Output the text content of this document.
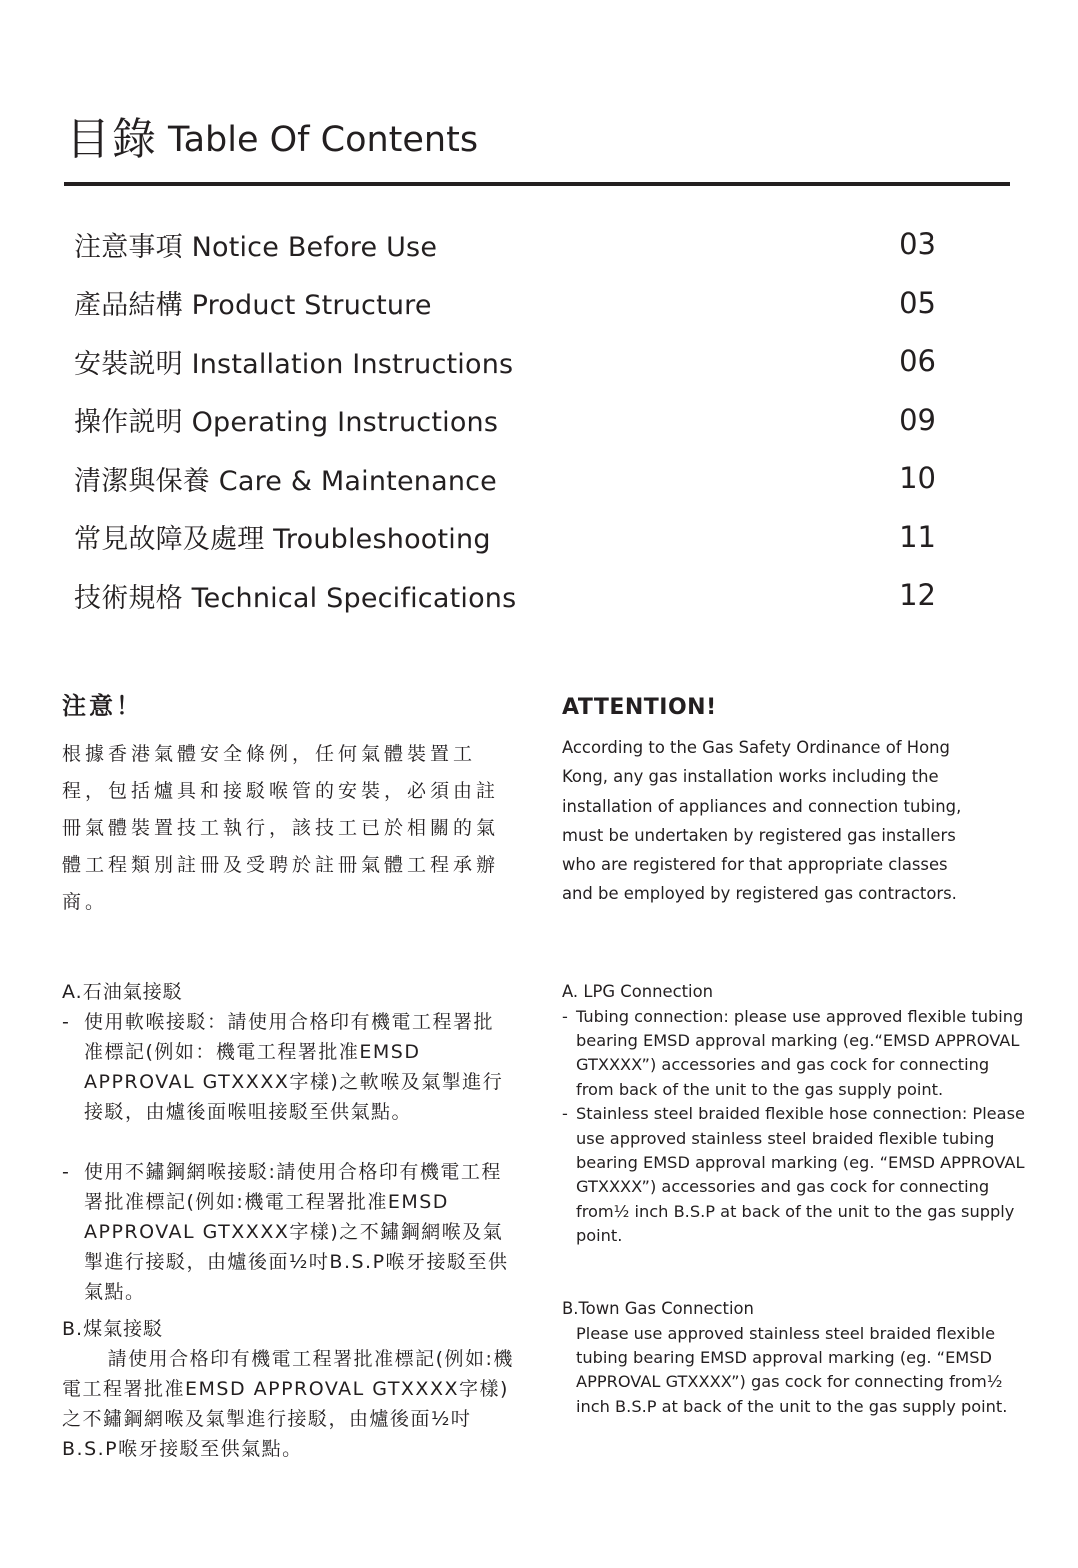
目錄 Table Of Contents
注意事項 Notice Before Use	03
產品結構 Product Structure	05
安裝説明 Installation Instructions	06
操作説明 Operating Instructions	09
清潔與保養 Care & Maintenance	10
常見故障及處理 Troubleshooting	11
技術規格 Technical Specifications	12
注意！

根據香港氣體安全條例，任何氣體裝置工程，包括爐具和接駁喉管的安裝，必須由註冊氣體裝置技工執行，該技工已於相關的氣體工程類別註冊及受聘於註冊氣體工程承辦商。

ATTENTION!
According to the Gas Safety Ordinance of Hong
Kong, any gas installation works including the
installation of appliances and connection tubing,
must be undertaken by registered gas installers
who are registered for that appropriate classes
and be employed by registered gas contractors.
A.石油氣接駁

- 使用軟喉接駁：請使用合格印有機電工程署批准標記(例如：機電工程署批准EMSD APPROVAL GTXXXX字樣)之軟喉及氣掣進行接駁，由爐後面喉咀接駁至供氣點。

- 使用不鏽鋼網喉接駁:請使用合格印有機電工程署批准標記(例如:機電工程署批准EMSD APPROVAL GTXXXX字樣)之不鏽鋼網喉及氣掣進行接駁，由爐後面½吋B.S.P喉牙接駁至供氣點。

A. LPG Connection

- Tubing connection: please use approved flexible tubing bearing EMSD approval marking (eg.“EMSD APPROVAL GTXXXX”) accessories and gas cock for connecting from back of the unit to the gas supply point.

- Stainless steel braided flexible hose connection: Please use approved stainless steel braided flexible tubing bearing EMSD approval marking (eg. “EMSD APPROVAL GTXXXX”) accessories and gas cock for connecting from½ inch B.S.P at back of the unit to the gas supply point.

B.煤氣接駁

請使用合格印有機電工程署批准標記(例如:機電工程署批准EMSD APPROVAL GTXXXX字樣)之不鏽鋼網喉及氣掣進行接駁，由爐後面½吋B.S.P喉牙接駁至供氣點。

B.Town Gas Connection

Please use approved stainless steel braided flexible tubing bearing EMSD approval marking (eg. “EMSD APPROVAL GTXXXX”) gas cock for connecting from½ inch B.S.P at back of the unit to the gas supply point.
